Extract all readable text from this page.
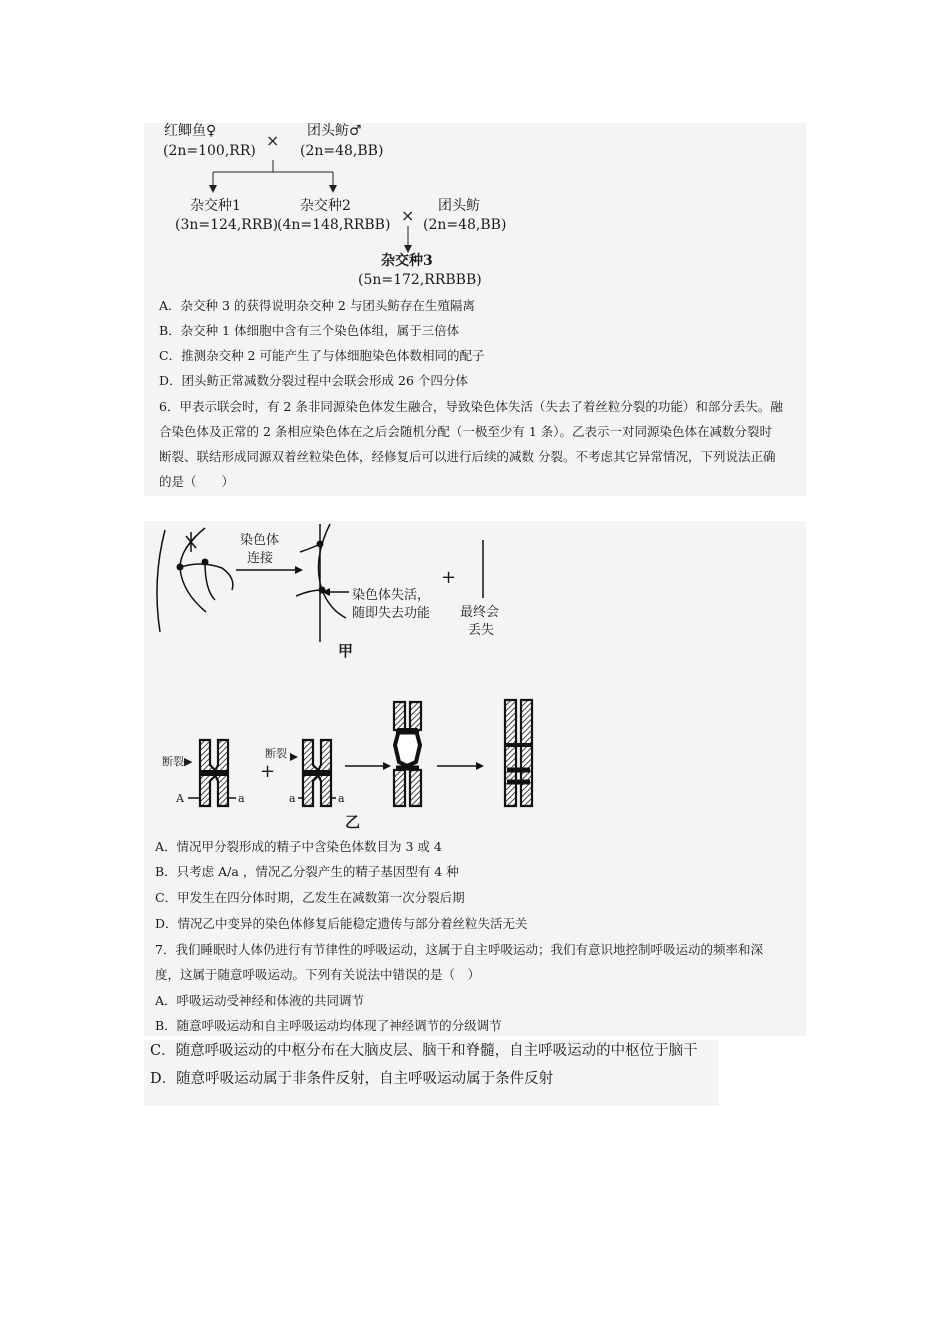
红鲫鱼♀
(2n=100,RR)
× 团头鲂♂
(2n=48,BB)
杂交种1
(3n=124,RRB)
杂交种2
(4n=148,RRBB) × 团头鲂
(2n=48,BB)
杂交种3
(5n=172,RRBBB)
A．杂交种 3 的获得说明杂交种 2 与团头鲂存在生殖隔离
B．杂交种 1 体细胞中含有三个染色体组，属于三倍体
C．推测杂交种 2 可能产生了与体细胞染色体数相同的配子
D．团头鲂正常减数分裂过程中会联会形成 26 个四分体
6．甲表示联会时，有 2 条非同源染色体发生融合，导致染色体失活（失去了着丝粒分裂的功能）和部分丢失。融
合染色体及正常的 2 条相应染色体在之后会随机分配（一极至少有 1 条）。乙表示一对同源染色体在减数分裂时
断裂、联结形成同源双着丝粒染色体，经修复后可以进行后续的减数 分裂。不考虑其它异常情况，下列说法正确
的是（　　）
染色体
连接
染色体失活，
随即失去功能
+
最终会
丢失
甲
断裂▶
断裂
A	a	a	a
+
乙
A．情况甲分裂形成的精子中含染色体数目为 3 或 4
B．只考虑 A/a ，情况乙分裂产生的精子基因型有 4 种
C．甲发生在四分体时期，乙发生在减数第一次分裂后期
D．情况乙中变异的染色体修复后能稳定遗传与部分着丝粒失活无关
7．我们睡眠时人体仍进行有节律性的呼吸运动，这属于自主呼吸运动；我们有意识地控制呼吸运动的频率和深
度，这属于随意呼吸运动。下列有关说法中错误的是（　）
A．呼吸运动受神经和体液的共同调节
B．随意呼吸运动和自主呼吸运动均体现了神经调节的分级调节
C．随意呼吸运动的中枢分布在大脑皮层、脑干和脊髓，自主呼吸运动的中枢位于脑干
D．随意呼吸运动属于非条件反射，自主呼吸运动属于条件反射
